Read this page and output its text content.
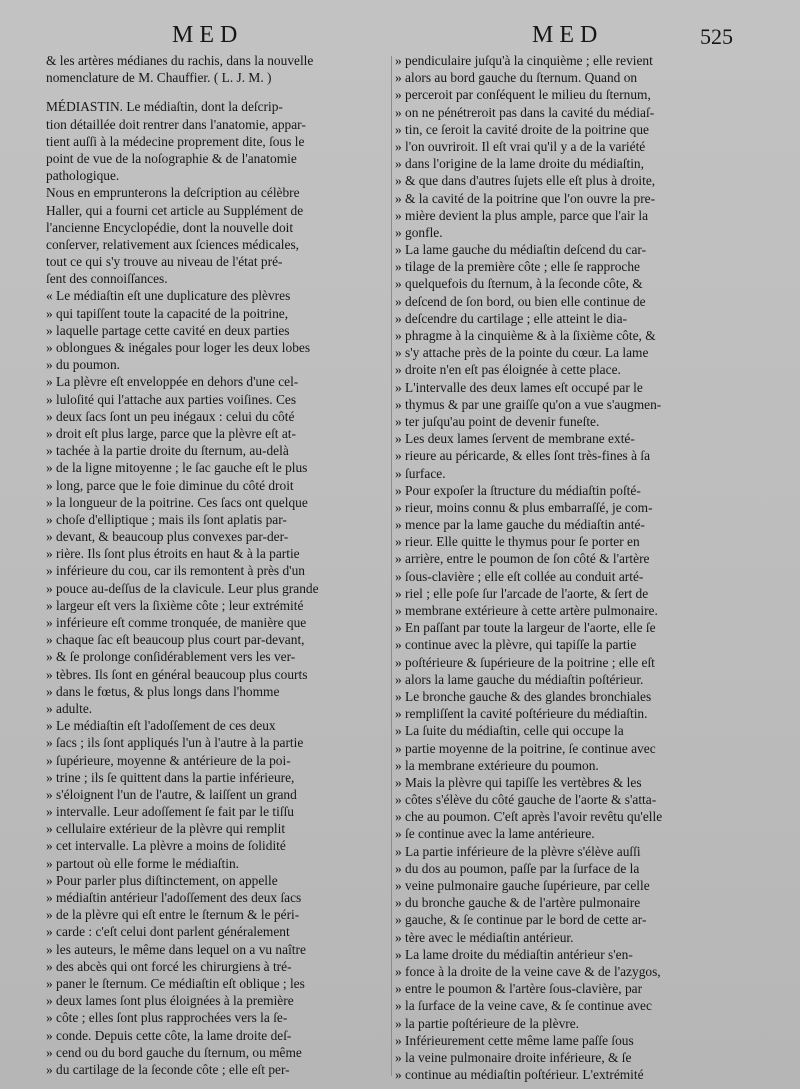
MED	MED	525
& les artères médianes du rachis, dans la nouvelle
nomenclature de M. Chauffier. ( L. J. M. )
MÉDIASTIN. Le médiaſtin, dont la deſcrip-
tion détaillée doit rentrer dans l'anatomie, appar-
tient auſſi à la médecine proprement dite, ſous le
point de vue de la noſographie & de l'anatomie
pathologique.
Nous en emprunterons la deſcription au célèbre
Haller, qui a fourni cet article au Supplément de
l'ancienne Encyclopédie, dont la nouvelle doit
conſerver, relativement aux ſciences médicales,
tout ce qui s'y trouve au niveau de l'état pré-
ſent des connoiſſances.
« Le médiaſtin eſt une duplicature des plèvres
» qui tapiſſent toute la capacité de la poitrine,
» laquelle partage cette cavité en deux parties
» oblongues & inégales pour loger les deux lobes
» du poumon.
» La plèvre eſt enveloppée en dehors d'une cel-
» luloſité qui l'attache aux parties voiſines. Ces
» deux ſacs ſont un peu inégaux : celui du côté
» droit eſt plus large, parce que la plèvre eſt at-
» tachée à la partie droite du ſternum, au-delà
» de la ligne mitoyenne ; le ſac gauche eſt le plus
» long, parce que le foie diminue du côté droit
» la longueur de la poitrine. Ces ſacs ont quelque
» choſe d'elliptique ; mais ils ſont aplatis par-
» devant, & beaucoup plus convexes par-der-
» rière. Ils ſont plus étroits en haut & à la partie
» inférieure du cou, car ils remontent à près d'un
» pouce au-deſſus de la clavicule. Leur plus grande
» largeur eſt vers la ſixième côte ; leur extrémité
» inférieure eſt comme tronquée, de manière que
» chaque ſac eſt beaucoup plus court par-devant,
» & ſe prolonge conſidérablement vers les ver-
» tèbres. Ils ſont en général beaucoup plus courts
» dans le fœtus, & plus longs dans l'homme
» adulte.
» Le médiaſtin eſt l'adoſſement de ces deux
» ſacs ; ils ſont appliqués l'un à l'autre à la partie
» ſupérieure, moyenne & antérieure de la poi-
» trine ; ils ſe quittent dans la partie inférieure,
» s'éloignent l'un de l'autre, & laiſſent un grand
» intervalle. Leur adoſſement ſe fait par le tiſſu
» cellulaire extérieur de la plèvre qui remplit
» cet intervalle. La plèvre a moins de ſolidité
» partout où elle forme le médiaſtin.
» Pour parler plus diſtinctement, on appelle
» médiaſtin antérieur l'adoſſement des deux ſacs
» de la plèvre qui eſt entre le ſternum & le péri-
» carde : c'eſt celui dont parlent généralement
» les auteurs, le même dans lequel on a vu naître
» des abcès qui ont forcé les chirurgiens à tré-
» paner le ſternum. Ce médiaſtin eſt oblique ; les
» deux lames ſont plus éloignées à la première
» côte ; elles ſont plus rapprochées vers la ſe-
» conde. Depuis cette côte, la lame droite deſ-
» cend ou du bord gauche du ſternum, ou même
» du cartilage de la ſeconde côte ; elle eſt per-
» pendiculaire juſqu'à la cinquième ; elle revient
» alors au bord gauche du ſternum. Quand on
» perceroit par conſéquent le milieu du ſternum,
» on ne pénétreroit pas dans la cavité du médiaſ-
» tin, ce ſeroit la cavité droite de la poitrine que
» l'on ouvriroit. Il eſt vrai qu'il y a de la variété
» dans l'origine de la lame droite du médiaſtin,
» & que dans d'autres ſujets elle eſt plus à droite,
» & la cavité de la poitrine que l'on ouvre la pre-
» mière devient la plus ample, parce que l'air la
» gonfle.
» La lame gauche du médiaſtin deſcend du car-
» tilage de la première côte ; elle ſe rapproche
» quelquefois du ſternum, à la ſeconde côte, &
» deſcend de ſon bord, ou bien elle continue de
» deſcendre du cartilage ; elle atteint le dia-
» phragme à la cinquième & à la ſixième côte, &
» s'y attache près de la pointe du cœur. La lame
» droite n'en eſt pas éloignée à cette place.
» L'intervalle des deux lames eſt occupé par le
» thymus & par une graiſſe qu'on a vue s'augmen-
» ter juſqu'au point de devenir funeſte.
» Les deux lames ſervent de membrane exté-
» rieure au péricarde, & elles ſont très-fines à ſa
» ſurface.
» Pour expoſer la ſtructure du médiaſtin poſté-
» rieur, moins connu & plus embarraſſé, je com-
» mence par la lame gauche du médiaſtin anté-
» rieur. Elle quitte le thymus pour ſe porter en
» arrière, entre le poumon de ſon côté & l'artère
» ſous-clavière ; elle eſt collée au conduit arté-
» riel ; elle poſe ſur l'arcade de l'aorte, & ſert de
» membrane extérieure à cette artère pulmonaire.
» En paſſant par toute la largeur de l'aorte, elle ſe
» continue avec la plèvre, qui tapiſſe la partie
» poſtérieure & ſupérieure de la poitrine ; elle eſt
» alors la lame gauche du médiaſtin poſtérieur.
» Le bronche gauche & des glandes bronchiales
» rempliſſent la cavité poſtérieure du médiaſtin.
» La ſuite du médiaſtin, celle qui occupe la
» partie moyenne de la poitrine, ſe continue avec
» la membrane extérieure du poumon.
» Mais la plèvre qui tapiſſe les vertèbres & les
» côtes s'élève du côté gauche de l'aorte & s'atta-
» che au poumon. C'eſt après l'avoir revêtu qu'elle
» ſe continue avec la lame antérieure.
» La partie inférieure de la plèvre s'élève auſſi
» du dos au poumon, paſſe par la ſurface de la
» veine pulmonaire gauche ſupérieure, par celle
» du bronche gauche & de l'artère pulmonaire
» gauche, & ſe continue par le bord de cette ar-
» tère avec le médiaſtin antérieur.
» La lame droite du médiaſtin antérieur s'en-
» fonce à la droite de la veine cave & de l'azygos,
» entre le poumon & l'artère ſous-clavière, par
» la ſurface de la veine cave, & ſe continue avec
» la partie poſtérieure de la plèvre.
» Inférieurement cette même lame paſſe ſous
» la veine pulmonaire droite inférieure, & ſe
» continue au médiaſtin poſtérieur. L'extrémité
